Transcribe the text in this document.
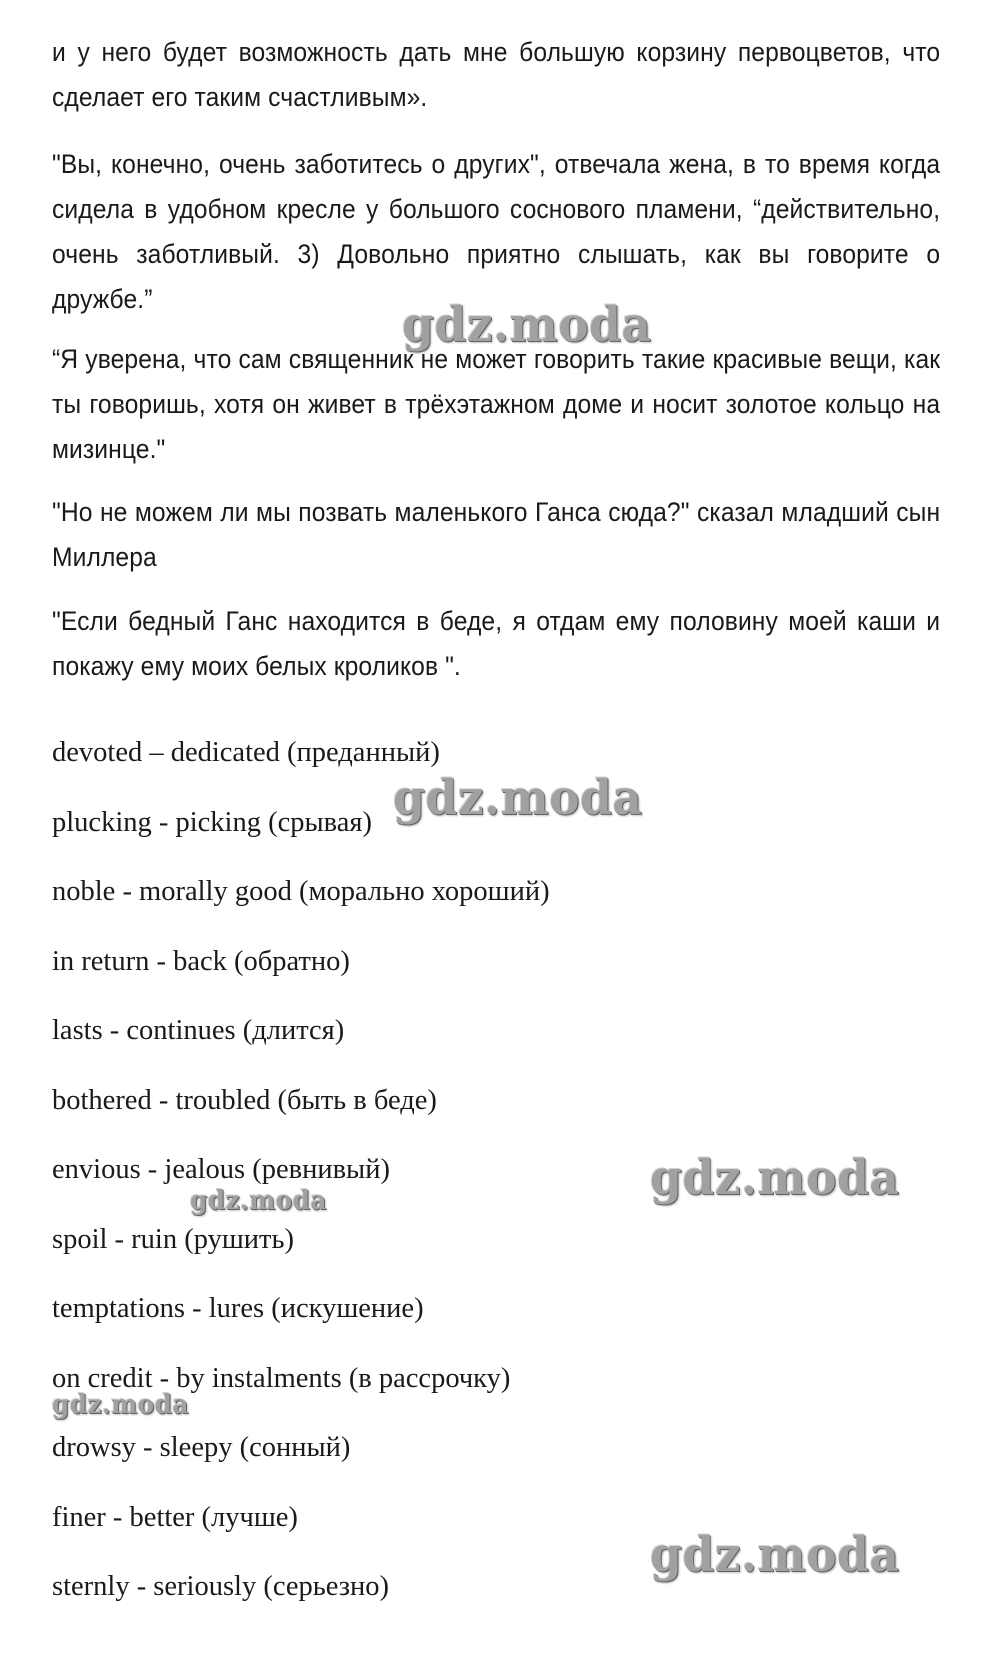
и у него будет возможность дать мне большую корзину первоцветов, что сделает его таким счастливым».

"Вы, конечно, очень заботитесь о других", отвечала жена, в то время когда сидела в удобном кресле у большого соснового пламени, “действительно, очень заботливый. 3) Довольно приятно слышать, как вы говорите о дружбе.”

“Я уверена, что сам священник не может говорить такие красивые вещи, как ты говоришь, хотя он живет в трёхэтажном доме и носит золотое кольцо на мизинце."

"Но не можем ли мы позвать маленького Ганса сюда?" сказал младший сын Миллера

"Если бедный Ганс находится в беде, я отдам ему половину моей каши и покажу ему моих белых кроликов ".

devoted – dedicated (преданный)

plucking - picking (срывая)

noble - morally good (морально хороший)

in return - back (обратно)

lasts - continues (длится)

bothered - troubled (быть в беде)

envious - jealous (ревнивый)

spoil - ruin (рушить)

temptations - lures (искушение)

on credit - by instalments (в рассрочку)

drowsy - sleepy (сонный)

finer - better (лучше)

sternly - seriously (серьезно)

gdz.moda
gdz.moda
gdz.moda
gdz.moda
gdz.moda
gdz.moda
